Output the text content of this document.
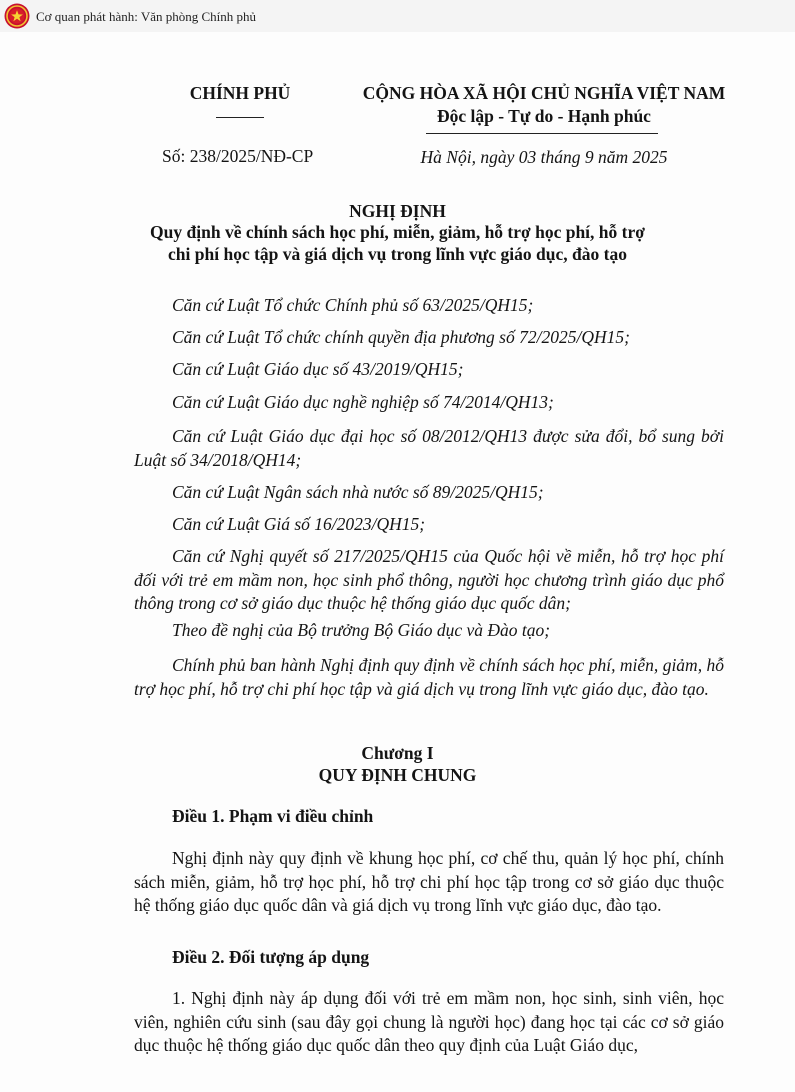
Cơ quan phát hành: Văn phòng Chính phủ
CHÍNH PHỦ	CỘNG HÒA XÃ HỘI CHỦ NGHĨA VIỆT NAM
Độc lập - Tự do - Hạnh phúc
Số: 238/2025/NĐ-CP	Hà Nội, ngày 03 tháng 9 năm 2025
NGHỊ ĐỊNH
Quy định về chính sách học phí, miễn, giảm, hỗ trợ học phí, hỗ trợ
chi phí học tập và giá dịch vụ trong lĩnh vực giáo dục, đào tạo
Căn cứ Luật Tổ chức Chính phủ số 63/2025/QH15;
Căn cứ Luật Tổ chức chính quyền địa phương số 72/2025/QH15;
Căn cứ Luật Giáo dục số 43/2019/QH15;
Căn cứ Luật Giáo dục nghề nghiệp số 74/2014/QH13;
Căn cứ Luật Giáo dục đại học số 08/2012/QH13 được sửa đổi, bổ sung bởi Luật số 34/2018/QH14;
Căn cứ Luật Ngân sách nhà nước số 89/2025/QH15;
Căn cứ Luật Giá số 16/2023/QH15;
Căn cứ Nghị quyết số 217/2025/QH15 của Quốc hội về miễn, hỗ trợ học phí đối với trẻ em mầm non, học sinh phổ thông, người học chương trình giáo dục phổ thông trong cơ sở giáo dục thuộc hệ thống giáo dục quốc dân;
Theo đề nghị của Bộ trưởng Bộ Giáo dục và Đào tạo;
Chính phủ ban hành Nghị định quy định về chính sách học phí, miễn, giảm, hỗ trợ học phí, hỗ trợ chi phí học tập và giá dịch vụ trong lĩnh vực giáo dục, đào tạo.
Chương I
QUY ĐỊNH CHUNG
Điều 1. Phạm vi điều chỉnh
Nghị định này quy định về khung học phí, cơ chế thu, quản lý học phí, chính sách miễn, giảm, hỗ trợ học phí, hỗ trợ chi phí học tập trong cơ sở giáo dục thuộc hệ thống giáo dục quốc dân và giá dịch vụ trong lĩnh vực giáo dục, đào tạo.
Điều 2. Đối tượng áp dụng
1. Nghị định này áp dụng đối với trẻ em mầm non, học sinh, sinh viên, học viên, nghiên cứu sinh (sau đây gọi chung là người học) đang học tại các cơ sở giáo dục thuộc hệ thống giáo dục quốc dân theo quy định của Luật Giáo dục,
